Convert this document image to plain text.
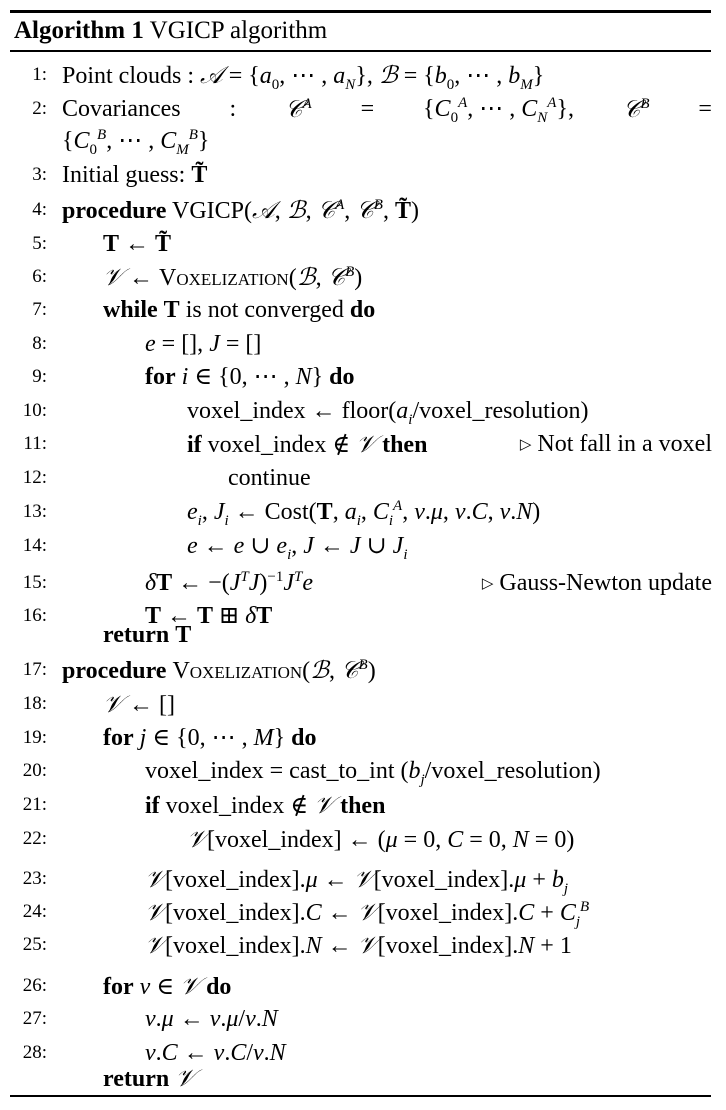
Algorithm 1 VGICP algorithm
1: Point clouds : 𝒜 = {$a_0$, ⋯ , $a_N$}, ℬ = {$b_0$, ⋯ , $b_M$}
2: Covariances : 𝒞$^A$ = {$C_0^A$, ⋯ , $C_N^A$}, 𝒞$^B$ =
{$C_0^B$, ⋯ , $C_M^B$}
3: Initial guess: T̃
4: procedure VGICP(𝒜, ℬ, 𝒞$^A$, 𝒞$^B$, T̃)
5: T ← T̃
6: 𝒱 ← Voxelization(ℬ, 𝒞$^B$)
7: while T is not converged do
8:	e = [], J = []
9:	for i ∈ {0, ⋯ , N} do
10:	voxel_index ← $floor(a_i/voxel\_resolution)$
11:	if voxel_index ∉ 𝒱 then	▷ Not fall in a voxel
12:	continue
13:	$e_i$, $J_i$ ← Cost(T, $a_i$, $C_i^A$, v.μ, v.C, v.N)
14:	e ← e ∪ $e_i$, J ← J ∪ $J_i$
15:	δT ← $-(J^TJ)^{-1}J^Te$	▷ Gauss-Newton update
16:	T ← T ⊞ δT
return T
17: procedure Voxelization(ℬ, 𝒞$^B$)
18: 𝒱 ← []
19: for j ∈ {0, ⋯ , M} do
20:	voxel_index = cast_to_int $(b_j/voxel\_resolution)$
21:	if voxel_index ∉ 𝒱 then
22:	𝒱[voxel_index] ← (μ = 0, C = 0, N = 0)
23:	𝒱[voxel_index].μ ← 𝒱[voxel_index].μ + $b_j$
24:	𝒱[voxel_index].C ← 𝒱[voxel_index].C + $C_j^B$
25:	𝒱[voxel_index].N ← 𝒱[voxel_index].N + 1
26: for v ∈ 𝒱 do
27:	v.μ ← v.μ/v.N
28:	v.C ← v.C/v.N
return 𝒱
